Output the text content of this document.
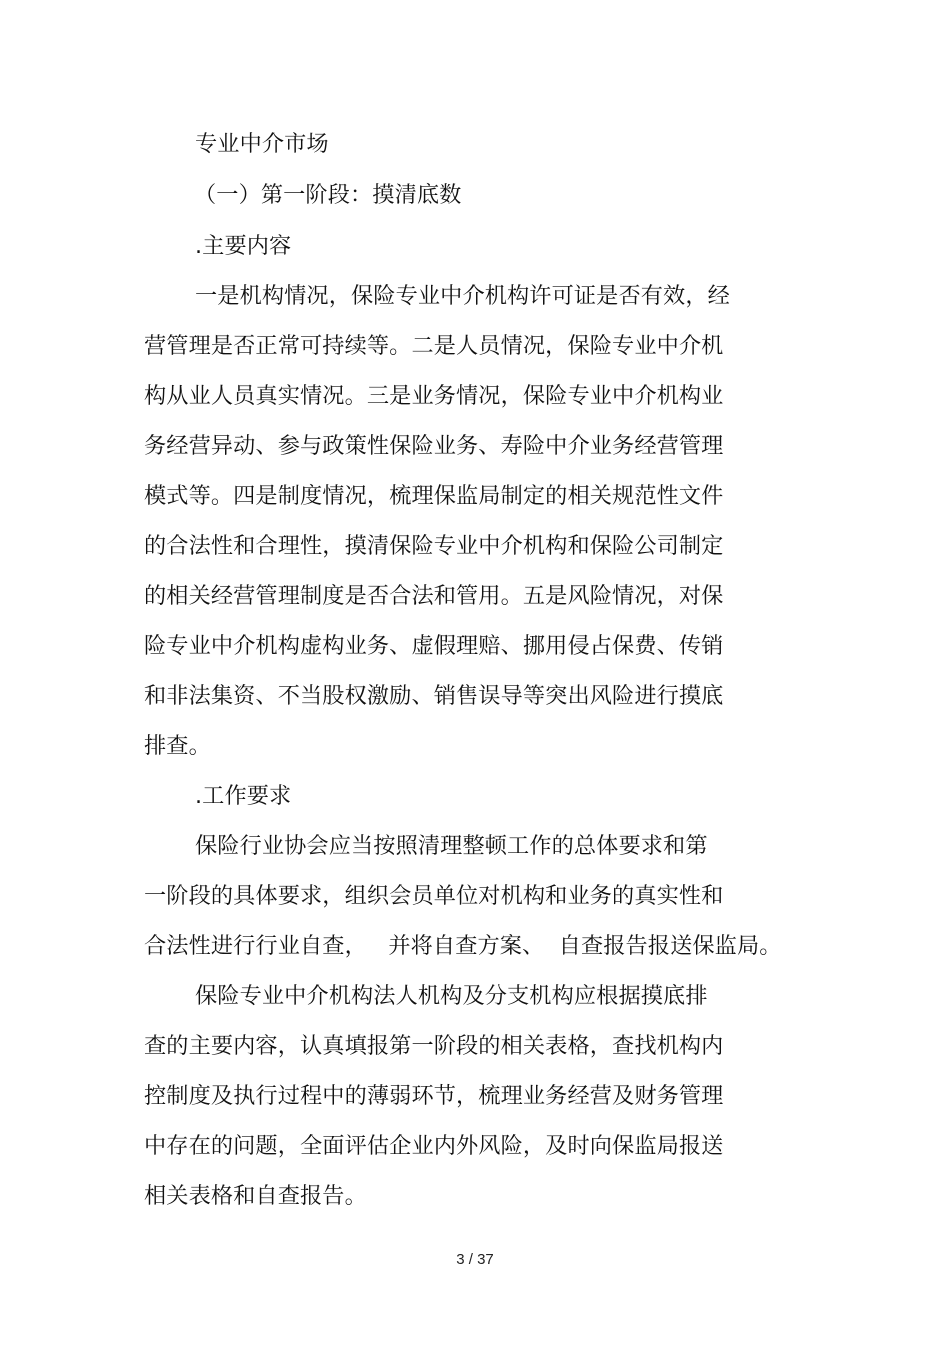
专业中介市场
（一）第一阶段：摸清底数
.主要内容
一是机构情况，保险专业中介机构许可证是否有效，经
营管理是否正常可持续等。二是人员情况，保险专业中介机
构从业人员真实情况。三是业务情况，保险专业中介机构业
务经营异动、参与政策性保险业务、寿险中介业务经营管理
模式等。四是制度情况，梳理保监局制定的相关规范性文件
的合法性和合理性，摸清保险专业中介机构和保险公司制定
的相关经营管理制度是否合法和管用。五是风险情况，对保
险专业中介机构虚构业务、虚假理赔、挪用侵占保费、传销
和非法集资、不当股权激励、销售误导等突出风险进行摸底
排查。
.工作要求
保险行业协会应当按照清理整顿工作的总体要求和第
一阶段的具体要求，组织会员单位对机构和业务的真实性和
合法性进行行业自查，   并将自查方案、  自查报告报送保监局。
保险专业中介机构法人机构及分支机构应根据摸底排
查的主要内容，认真填报第一阶段的相关表格，查找机构内
控制度及执行过程中的薄弱环节，梳理业务经营及财务管理
中存在的问题，全面评估企业内外风险，及时向保监局报送
相关表格和自查报告。
3 / 37
